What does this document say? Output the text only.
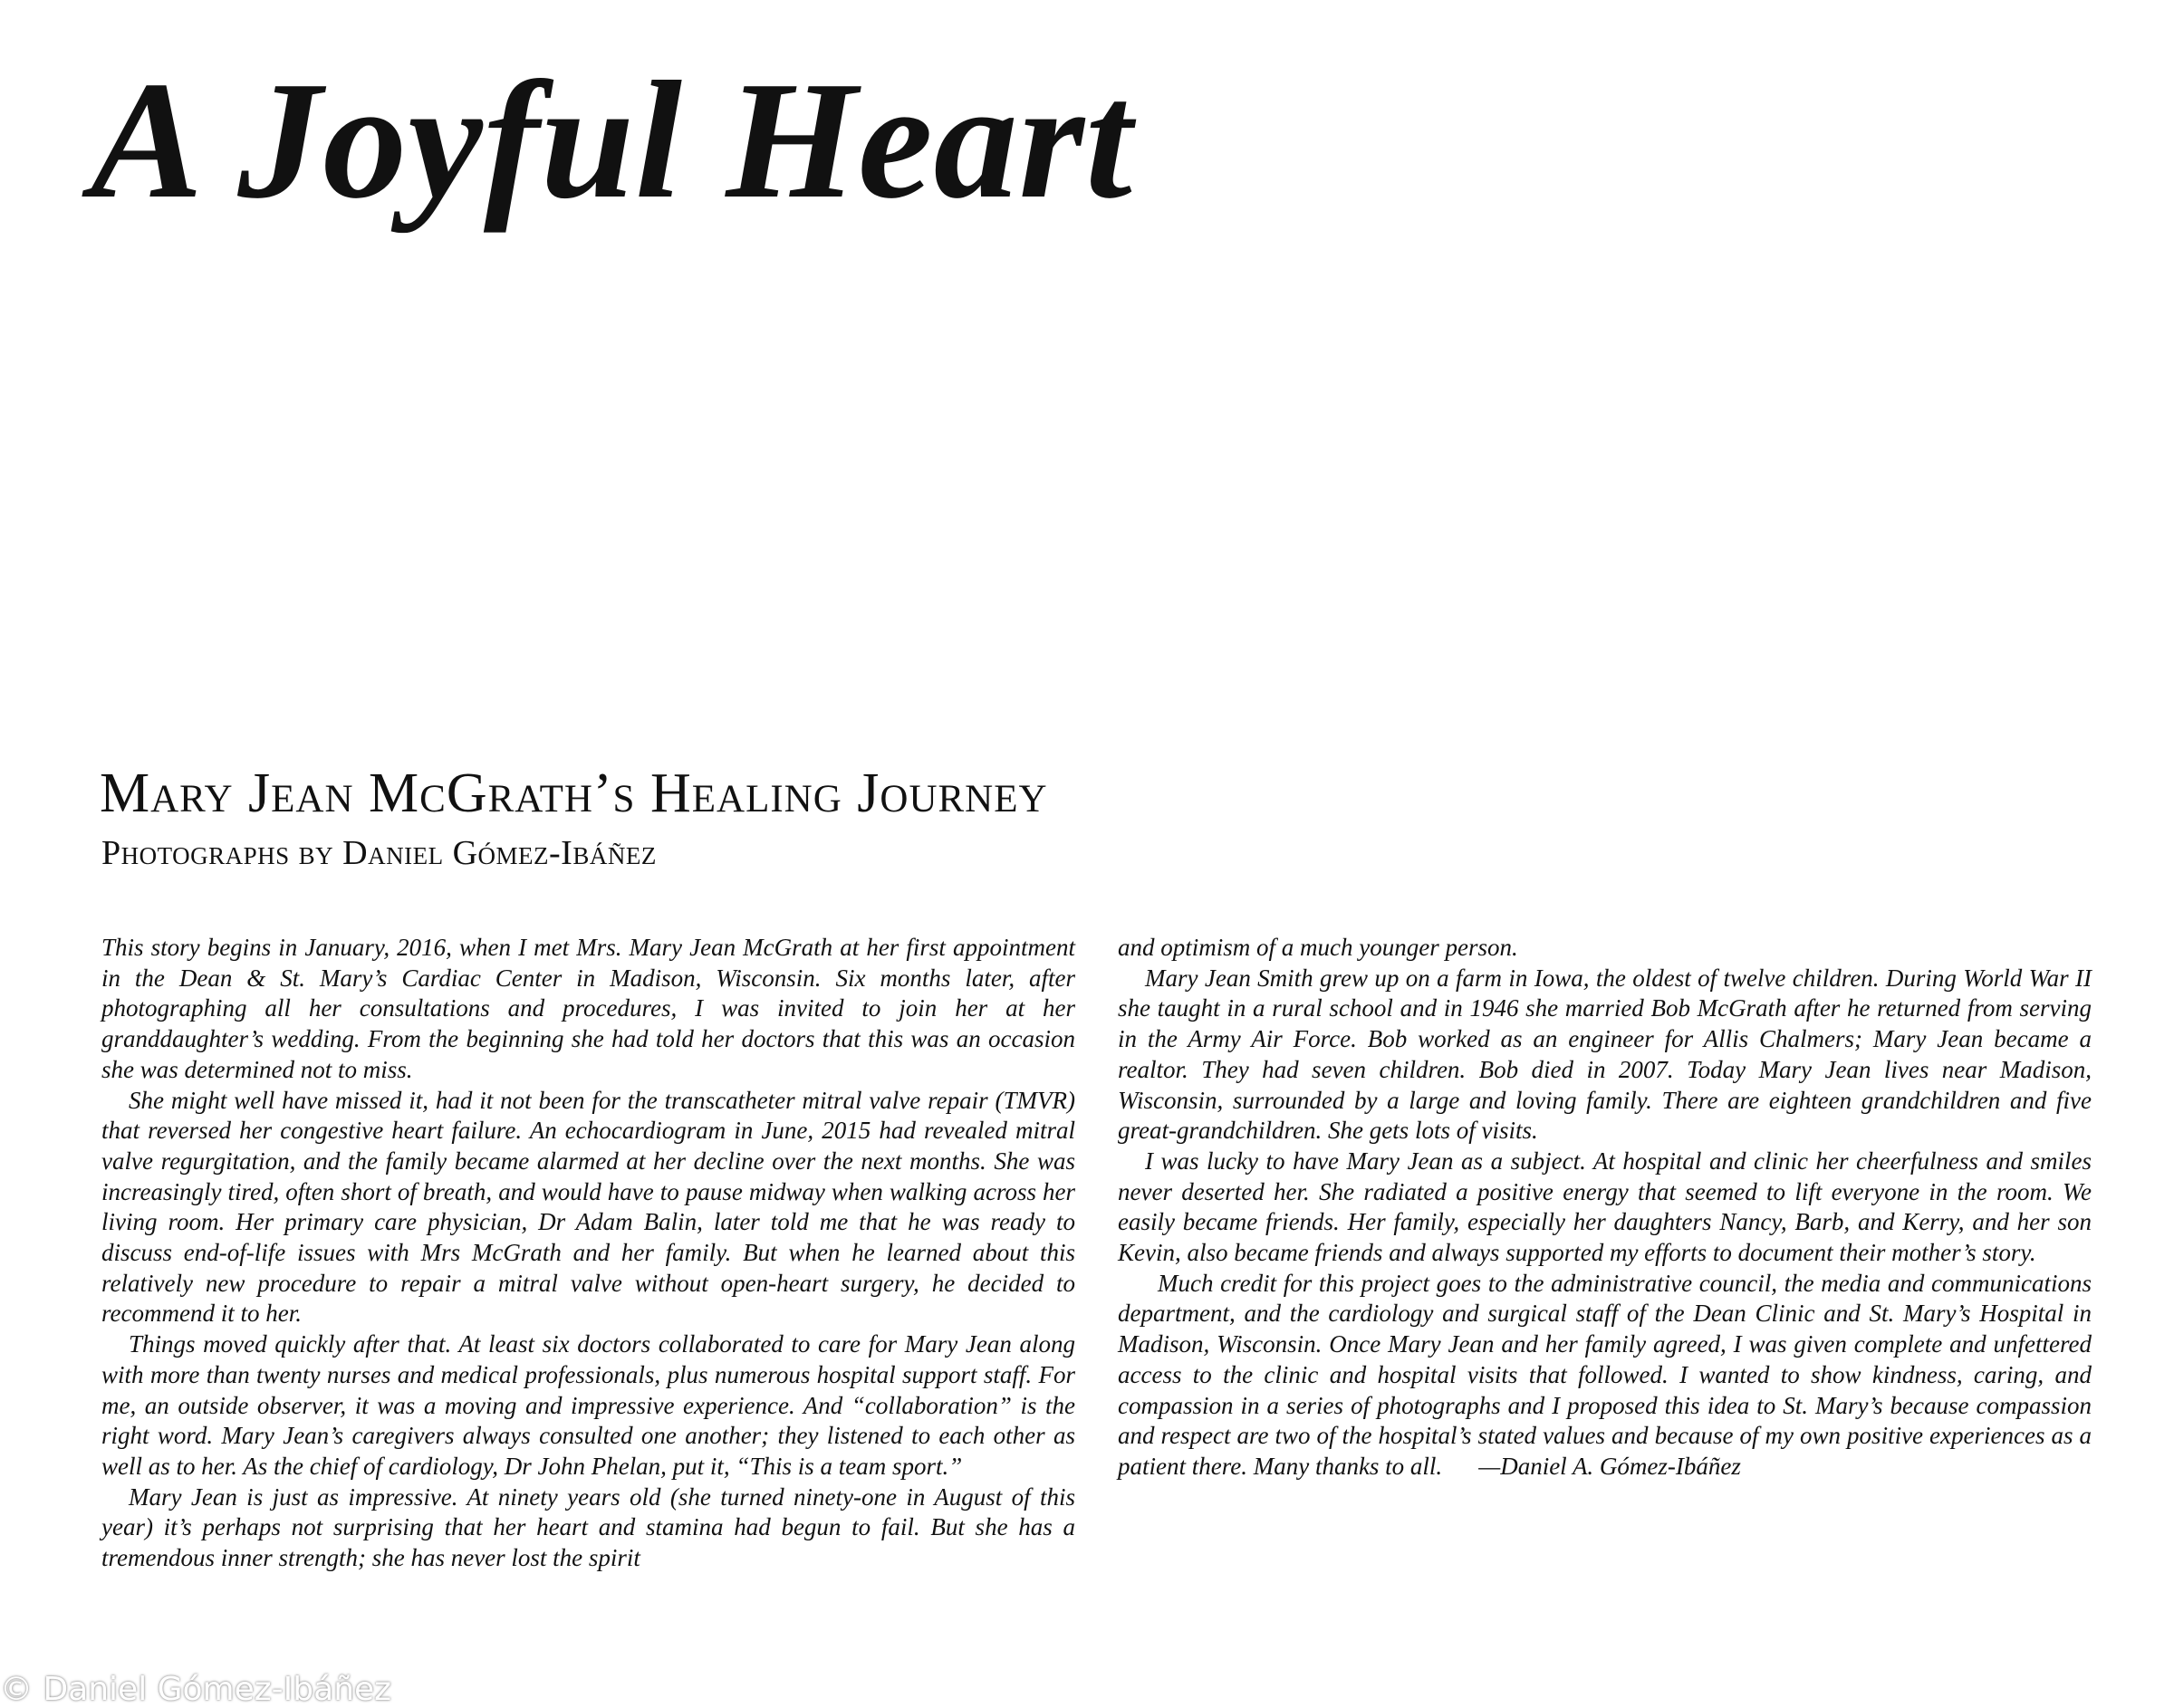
A Joyful Heart
Mary Jean McGrath’s Healing Journey
Photographs by Daniel Gómez-Ibáñez

This story begins in January, 2016, when I met Mrs. Mary Jean McGrath at her first appointment in the Dean & St. Mary’s Cardiac Center in Madison, Wisconsin. Six months later, after photographing all her consultations and procedures, I was invited to join her at her granddaughter’s wedding. From the beginning she had told her doctors that this was an occasion she was determined not to miss.

She might well have missed it, had it not been for the transcatheter mitral valve repair (TMVR) that reversed her congestive heart failure. An echocardiogram in June, 2015 had revealed mitral valve regurgitation, and the family became alarmed at her decline over the next months. She was increasingly tired, often short of breath, and would have to pause midway when walking across her living room. Her primary care physician, Dr Adam Balin, later told me that he was ready to discuss end-of-life issues with Mrs McGrath and her family. But when he learned about this relatively new procedure to repair a mitral valve without open-heart surgery, he decided to recommend it to her.

Things moved quickly after that. At least six doctors collaborated to care for Mary Jean along with more than twenty nurses and medical professionals, plus numerous hospital support staff. For me, an outside observer, it was a moving and impressive experience. And “collaboration” is the right word. Mary Jean’s caregivers always consulted one another; they listened to each other as well as to her. As the chief of cardiology, Dr John Phelan, put it, “This is a team sport.”

Mary Jean is just as impressive. At ninety years old (she turned ninety-one in August of this year) it’s perhaps not surprising that her heart and stamina had begun to fail. But she has a tremendous inner strength; she has never lost the spirit

and optimism of a much younger person.

Mary Jean Smith grew up on a farm in Iowa, the oldest of twelve children. During World War II she taught in a rural school and in 1946 she married Bob McGrath after he returned from serving in the Army Air Force. Bob worked as an engineer for Allis Chalmers; Mary Jean became a realtor. They had seven children. Bob died in 2007. Today Mary Jean lives near Madison, Wisconsin, surrounded by a large and loving family. There are eighteen grandchildren and five great-grandchildren. She gets lots of visits.

I was lucky to have Mary Jean as a subject. At hospital and clinic her cheerfulness and smiles never deserted her. She radiated a positive energy that seemed to lift everyone in the room. We easily became friends. Her family, especially her daughters Nancy, Barb, and Kerry, and her son Kevin, also became friends and always supported my efforts to document their mother’s story.

Much credit for this project goes to the administrative council, the media and communications department, and the cardiology and surgical staff of the Dean Clinic and St. Mary’s Hospital in Madison, Wisconsin. Once Mary Jean and her family agreed, I was given complete and unfettered access to the clinic and hospital visits that followed. I wanted to show kindness, caring, and compassion in a series of photographs and I proposed this idea to St. Mary’s because compassion and respect are two of the hospital’s stated values and because of my own positive experiences as a patient there. Many thanks to all. —Daniel A. Gómez-Ibáñez

© Daniel Gómez-Ibáñez
